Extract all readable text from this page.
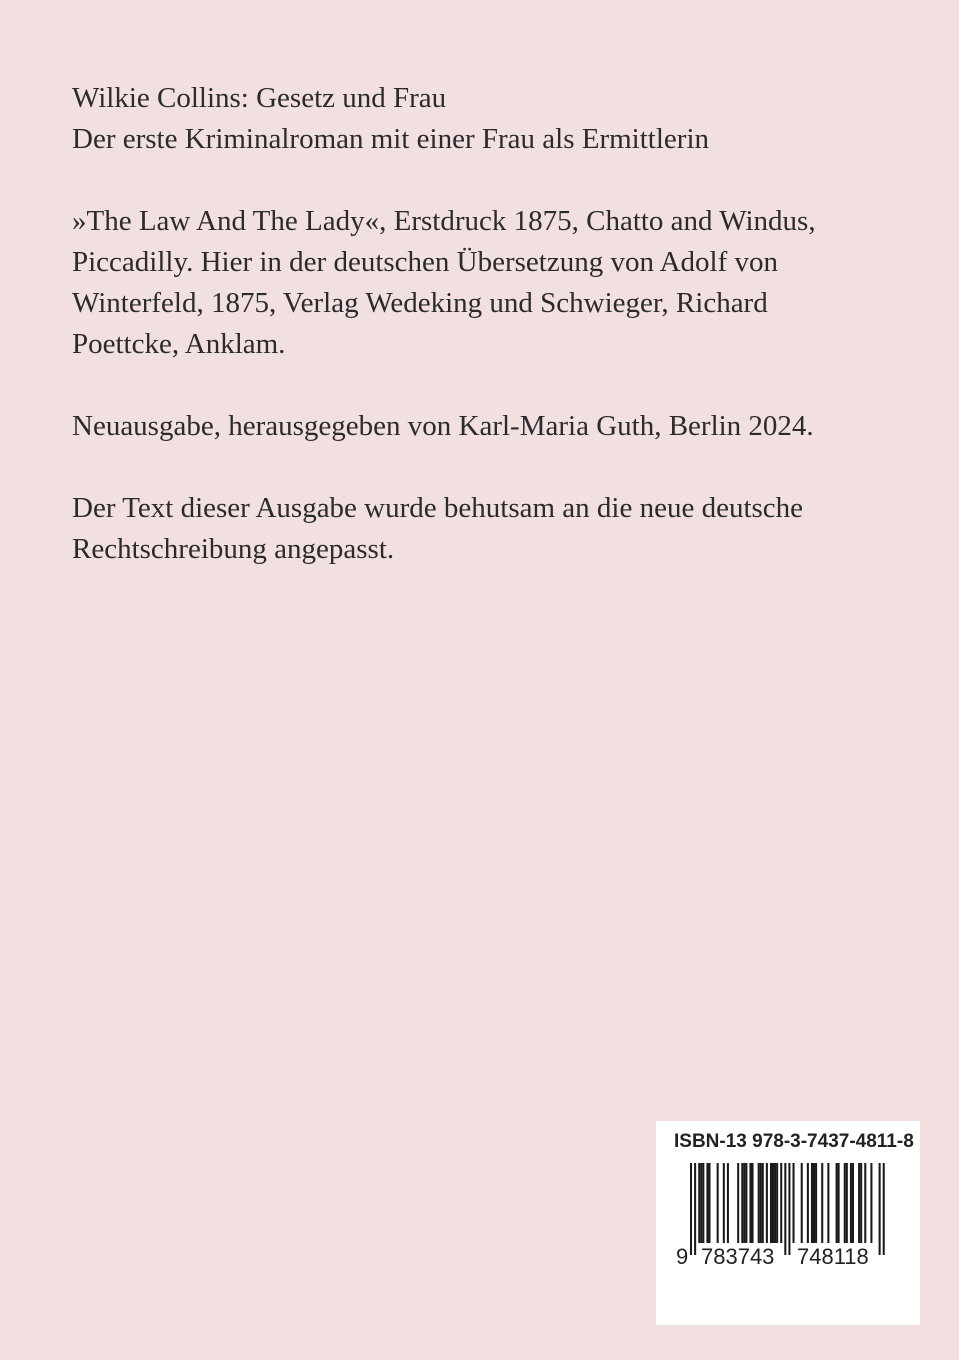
Wilkie Collins: Gesetz und Frau

Der erste Kriminalroman mit einer Frau als Ermittlerin

»The Law And The Lady«, Erstdruck 1875, Chatto and Windus,

Piccadilly. Hier in der deutschen Übersetzung von Adolf von

Winterfeld, 1875, Verlag Wedeking und Schwieger, Richard

Poettcke, Anklam.

Neuausgabe, herausgegeben von Karl-Maria Guth, Berlin 2024.

Der Text dieser Ausgabe wurde behutsam an die neue deutsche

Rechtschreibung angepasst.

ISBN-13 978-3-7437-4811-8
9 783743 748118
